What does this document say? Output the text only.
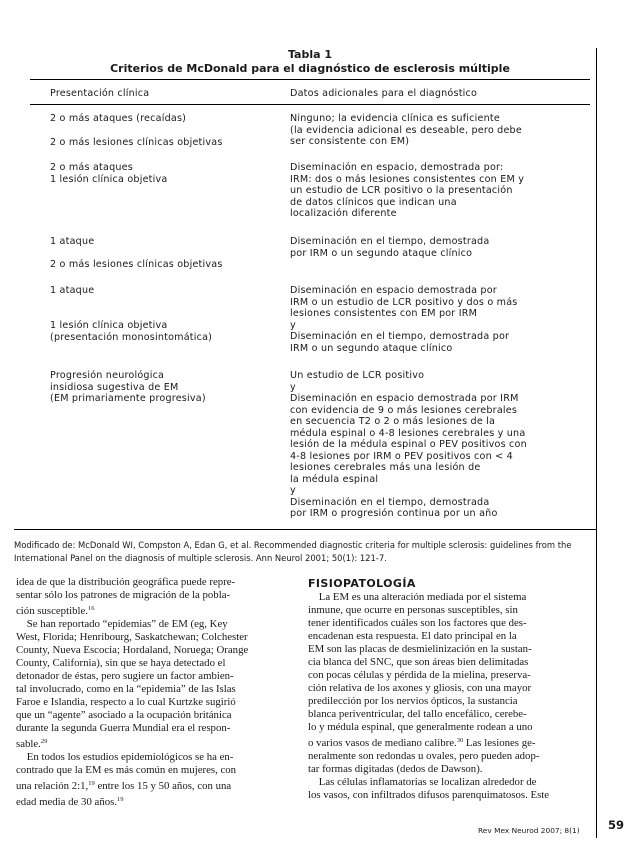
Tabla 1
Criterios de McDonald para el diagnóstico de esclerosis múltiple
Presentación clínica	Datos adicionales para el diagnóstico
2 o más ataques (recaídas)
2 o más lesiones clínicas objetivas
Ninguno; la evidencia clínica es suficiente
(la evidencia adicional es deseable, pero debe
ser consistente con EM)
2 o más ataques
1 lesión clínica objetiva
Diseminación en espacio, demostrada por:
IRM: dos o más lesiones consistentes con EM y
un estudio de LCR positivo o la presentación
de datos clínicos que indican una
localización diferente
1 ataque
2 o más lesiones clínicas objetivas
Diseminación en el tiempo, demostrada
por IRM o un segundo ataque clínico
1 ataque
1 lesión clínica objetiva
(presentación monosintomática)
Diseminación en espacio demostrada por
IRM o un estudio de LCR positivo y dos o más
lesiones consistentes con EM por IRM
y
Diseminación en el tiempo, demostrada por
IRM o un segundo ataque clínico
Progresión neurológica
insidiosa sugestiva de EM
(EM primariamente progresiva)
Un estudio de LCR positivo
y
Diseminación en espacio demostrada por IRM
con evidencia de 9 o más lesiones cerebrales
en secuencia T2 o 2 o más lesiones de la
médula espinal o 4-8 lesiones cerebrales y una
lesión de la médula espinal o PEV positivos con
4-8 lesiones por IRM o PEV positivos con < 4
lesiones cerebrales más una lesión de
la médula espinal
y
Diseminación en el tiempo, demostrada
por IRM o progresión continua por un año
Modificado de: McDonald WI, Compston A, Edan G, et al. Recommended diagnostic criteria for multiple sclerosis: guidelines from the International Panel on the diagnosis of multiple sclerosis. Ann Neurol 2001; 50(1): 121-7.
idea de que la distribución geográfica puede repre-
sentar sólo los patrones de migración de la pobla-
ción susceptible.$^{16}$
Se han reportado “epidemias” de EM (eg, Key
West, Florida; Henribourg, Saskatchewan; Colchester
County, Nueva Escocia; Hordaland, Noruega; Orange
County, California), sin que se haya detectado el
detonador de éstas, pero sugiere un factor ambien-
tal involucrado, como en la “epidemia” de las Islas
Faroe e Islandia, respecto a lo cual Kurtzke sugirió
que un “agente” asociado a la ocupación británica
durante la segunda Guerra Mundial era el respon-
sable.$^{29}$
En todos los estudios epidemiológicos se ha en-
contrado que la EM es más común en mujeres, con
una relación 2:1,19 entre los 15 y 50 años, con una
edad media de 30 años.$^{19}$
FISIOPATOLOGÍA
La EM es una alteración mediada por el sistema
inmune, que ocurre en personas susceptibles, sin
tener identificados cuáles son los factores que des-
encadenan esta respuesta. El dato principal en la
EM son las placas de desmielinización en la sustan-
cia blanca del SNC, que son áreas bien delimitadas
con pocas células y pérdida de la mielina, preserva-
ción relativa de los axones y gliosis, con una mayor
predilección por los nervios ópticos, la sustancia
blanca periventricular, del tallo encefálico, cerebe-
lo y médula espinal, que generalmente rodean a uno
o varios vasos de mediano calibre.$^{30}$ Las lesiones ge-
neralmente son redondas u ovales, pero pueden adop-
tar formas digitadas (dedos de Dawson).
Las células inflamatorias se localizan alrededor de
los vasos, con infiltrados difusos parenquimatosos. Este
Rev Mex Neurod 2007; 8(1) 59
